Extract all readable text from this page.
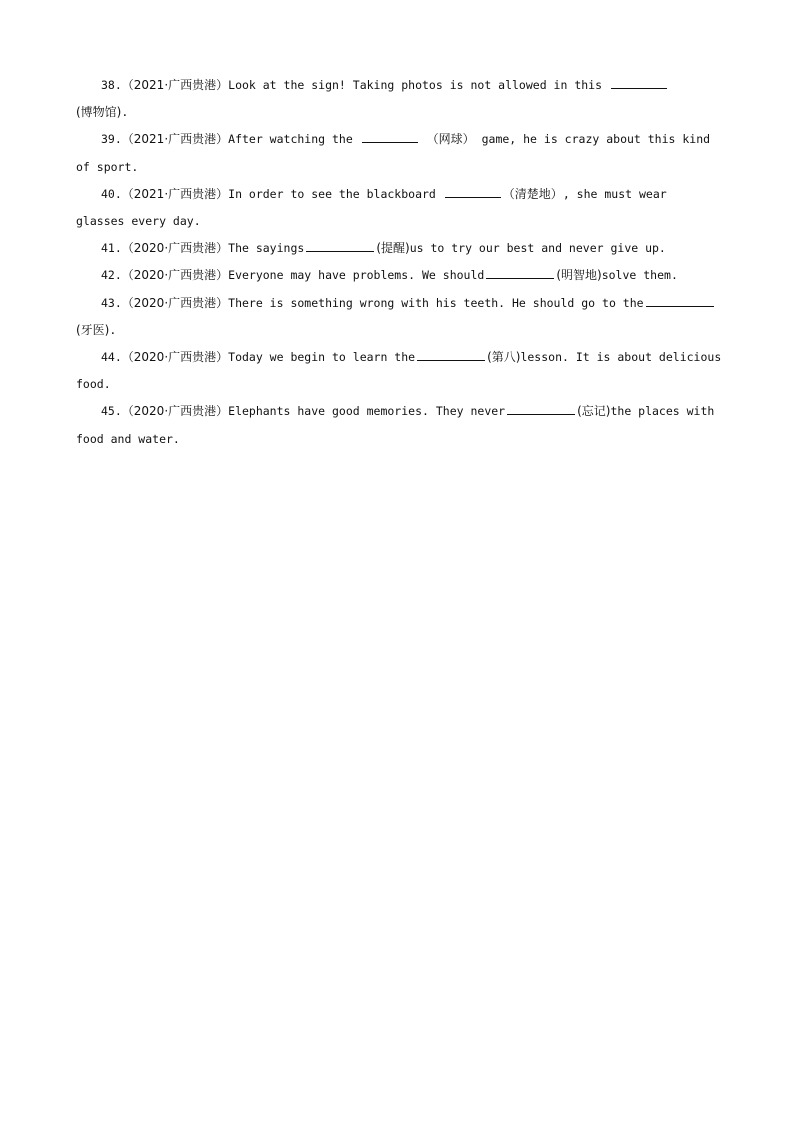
38.（2021·广西贵港）Look at the sign! Taking photos is not allowed in this
(博物馆).

39.（2021·广西贵港）After watching the	（网球） game, he is crazy about this kind of sport.

40.（2021·广西贵港）In order to see the blackboard	（清楚地）, she must wear glasses every day.

41.（2020·广西贵港）The sayings	(提醒)us to try our best and never give up.

42.（2020·广西贵港）Everyone may have problems. We should	(明智地)solve them.

43.（2020·广西贵港）There is something wrong with his teeth. He should go to the(牙医).

44.（2020·广西贵港）Today we begin to learn the	(第八)lesson. It is about delicious food.

45.（2020·广西贵港）Elephants have good memories. They never	(忘记)the places with food and water.
